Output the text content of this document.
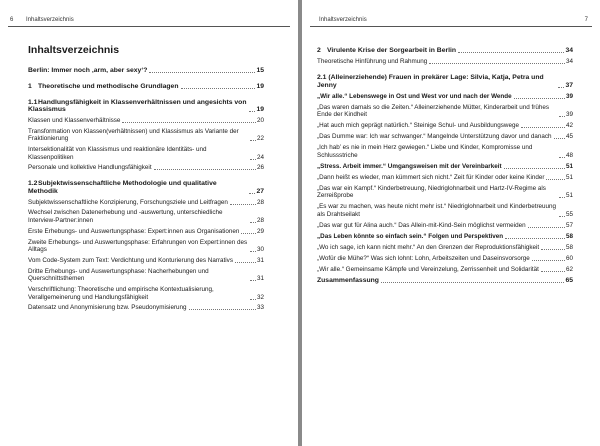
6 Inhaltsverzeichnis
Inhaltsverzeichnis
Berlin: Immer noch ‚arm, aber sexy‘?	15
1 Theoretische und methodische Grundlagen	19
1.1Handlungsfähigkeit in Klassenverhältnissen und angesichts von Klassismus	19
Klassen und Klassenverhältnisse	20
Transformation von Klassen(verhältnissen) und Klassismus als Variante der Fraktionierung	22
Intersektionalität von Klassismus und reaktionäre Identitäts- und Klassenpolitiken	24
Personale und kollektive Handlungsfähigkeit	26
1.2Subjektwissenschaftliche Methodologie und qualitative Methodik	27
Subjektwissenschaftliche Konzipierung, Forschungsziele und Leitfragen	28
Wechsel zwischen Datenerhebung und -auswertung, unterschiedliche Interview-Partner:innen	28
Erste Erhebungs- und Auswertungsphase: Expert:innen aus Organisationen	29
Zweite Erhebungs- und Auswertungsphase: Erfahrungen von Expert:innen des Alltags	30
Vom Code-System zum Text: Verdichtung und Konturierung des Narrativs	31
Dritte Erhebungs- und Auswertungsphase: Nacherhebungen und Querschnittsthemen	31
Verschriftlichung: Theoretische und empirische Kontextualisierung, Verallgemeinerung und Handlungsfähigkeit	32
Datensatz und Anonymisierung bzw. Pseudonymisierung	33
Inhaltsverzeichnis	7
2 Virulente Krise der Sorgearbeit in Berlin	34
Theoretische Hinführung und Rahmung	34
2.1 (Alleinerziehende) Frauen in prekärer Lage: Silvia, Katja, Petra und Jenny	37
„Wir alle.“ Lebenswege in Ost und West vor und nach der Wende	39
„Das waren damals so die Zeiten.“ Alleinerziehende Mütter, Kinderarbeit und frühes Ende der Kindheit	39
„Hat auch mich geprägt natürlich.“ Steinige Schul- und Ausbildungswege	42
„Das Dumme war: Ich war schwanger.“ Mangelnde Unterstützung davor und danach 45
„Ich hab’ es nie in mein Herz gewiegen.“ Liebe und Kinder, Kompromisse und Schlussstriche	48
„Stress. Arbeit immer.“ Umgangsweisen mit der Vereinbarkeit	51
„Dann heißt es wieder, man kümmert sich nicht.“ Zeit für Kinder oder keine Kinder	51
„Das war ein Kampf.“ Kinderbetreuung, Niedriglohnarbeit und Hartz-IV-Regime als Zerreißprobe	51
„Es war zu machen, was heute nicht mehr ist.“ Niedriglohnarbeit und Kinderbetreuung als Drahtseilakt	55
„Das war gut für Alina auch.“ Das Allein-mit-Kind-Sein möglichst vermeiden	57
„Das Leben könnte so einfach sein.“ Folgen und Perspektiven	58
„Wo ich sage, ich kann nicht mehr.“ An den Grenzen der Reproduktionsfähigkeit	58
„Wofür die Mühe?“ Was sich lohnt: Lohn, Arbeitszeiten und Daseinsvorsorge	60
„Wir alle.“ Gemeinsame Kämpfe und Vereinzelung, Zerrissenheit und Solidarität	62
Zusammenfassung	65
